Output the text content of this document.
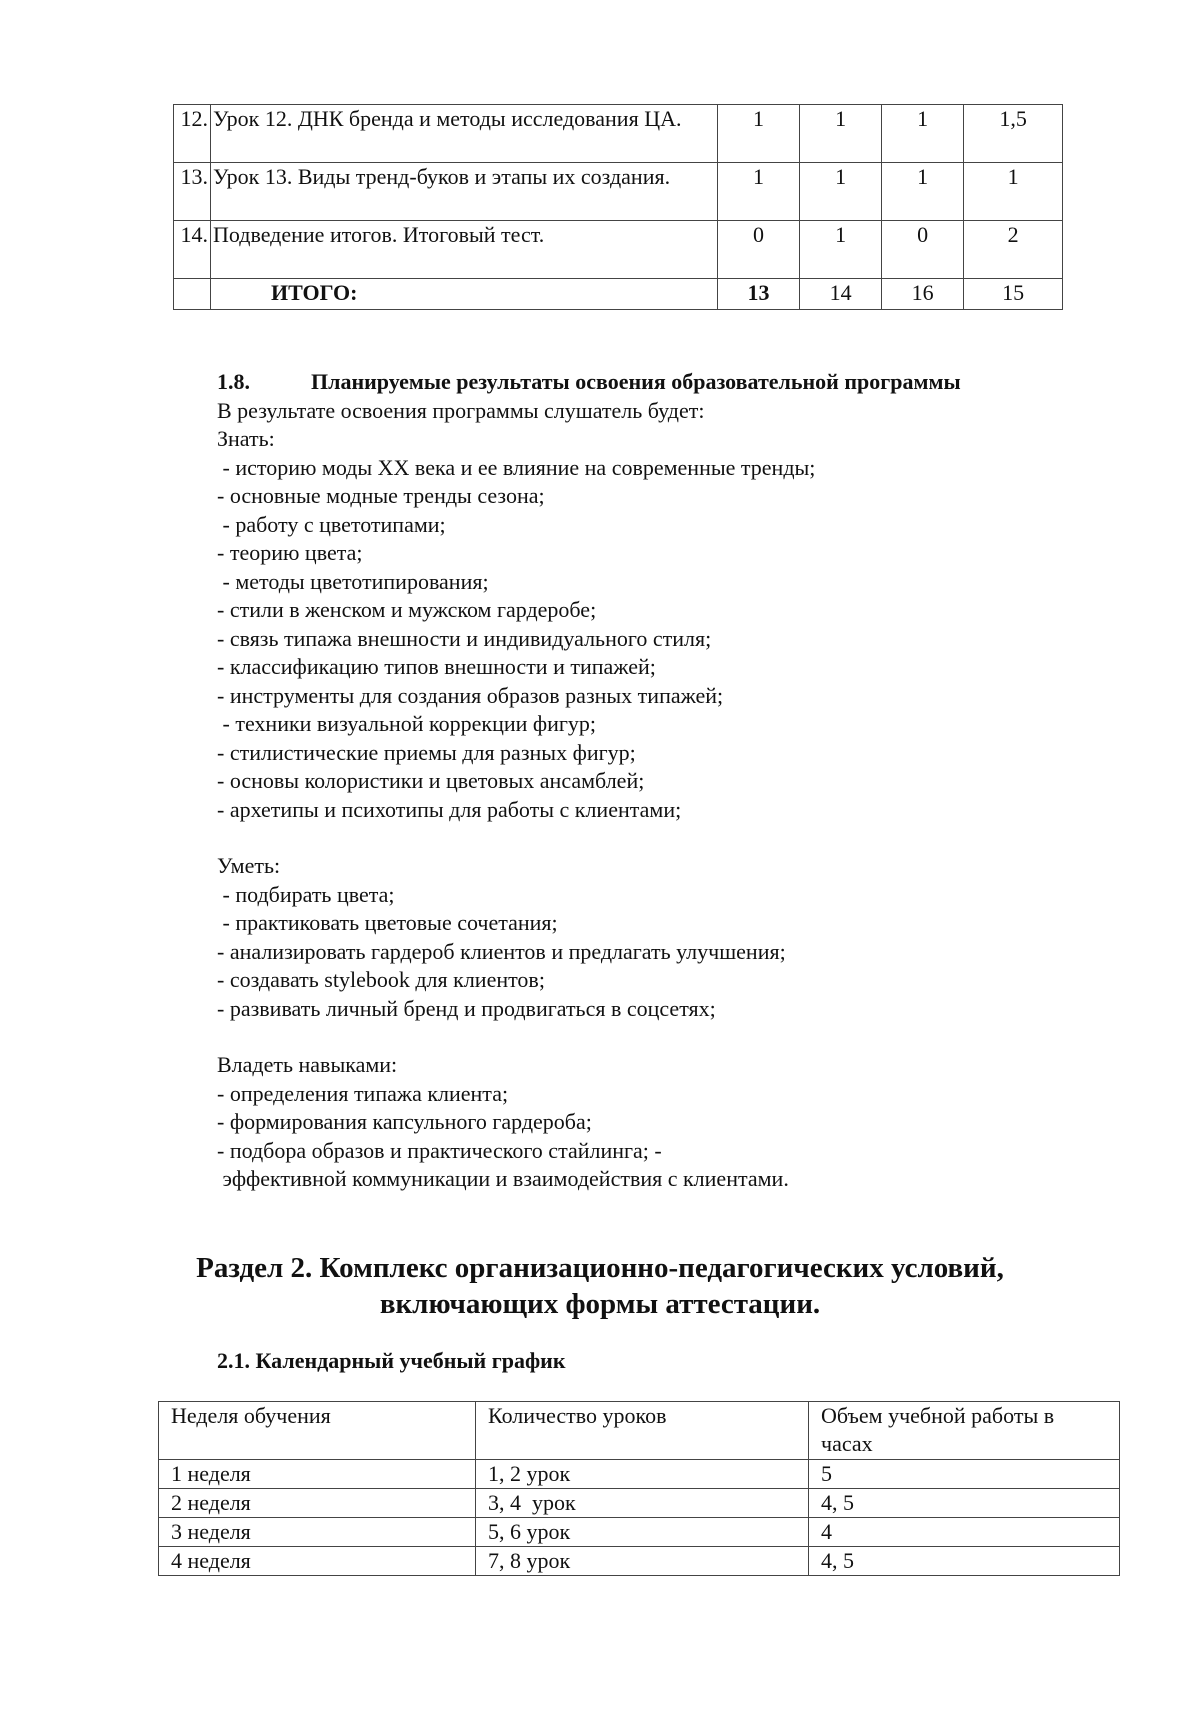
12.	Урок 12. ДНК бренда и методы исследования ЦА.	1	1	1	1,5
13.	Урок 13. Виды тренд-буков и этапы их создания.	1	1	1	1
14.	Подведение итогов. Итоговый тест.	0	1	0	2
	ИТОГО:	13	14	16	15
1.8.	Планируемые результаты освоения образовательной программы
В результате освоения программы слушатель будет:
Знать:
- историю моды XX века и ее влияние на современные тренды;
- основные модные тренды сезона;
- работу с цветотипами;
- теорию цвета;
- методы цветотипирования;
- стили в женском и мужском гардеробе;
- связь типажа внешности и индивидуального стиля;
- классификацию типов внешности и типажей;
- инструменты для создания образов разных типажей;
- техники визуальной коррекции фигур;
- стилистические приемы для разных фигур;
- основы колористики и цветовых ансамблей;
- архетипы и психотипы для работы с клиентами;
Уметь:
- подбирать цвета;
- практиковать цветовые сочетания;
- анализировать гардероб клиентов и предлагать улучшения;
- создавать stylebook для клиентов;
- развивать личный бренд и продвигаться в соцсетях;
Владеть навыками:
- определения типажа клиента;
- формирования капсульного гардероба;
- подбора образов и практического стайлинга; -
эффективной коммуникации и взаимодействия с клиентами.
Раздел 2. Комплекс организационно-педагогических условий,
включающих формы аттестации.
2.1. Календарный учебный график
Неделя обучения	Количество уроков	Объем учебной работы в часах
1 неделя	1, 2 урок	5
2 неделя	3, 4  урок	4, 5
3 неделя	5, 6 урок	4
4 неделя	7, 8 урок	4, 5
